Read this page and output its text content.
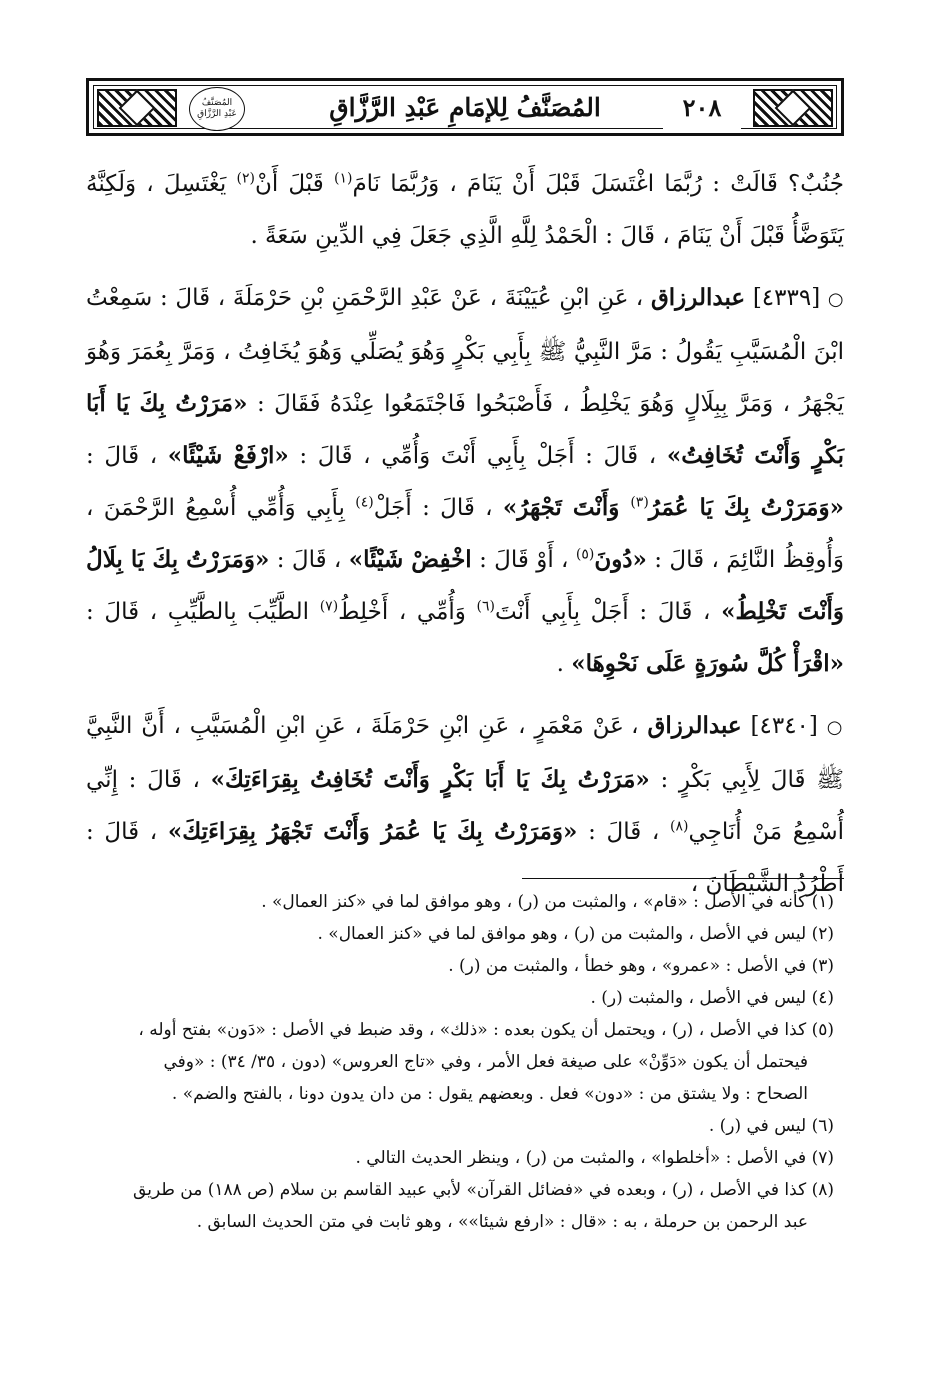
المُصَنَّفُ
عَبْدِ الرَّزَّاقِ	المُصَنَّفُ لِلإمَامِ عَبْدِ الرَّزَّاقِ	٢٠٨

جُنُبٌ؟ قَالَتْ : رُبَّمَا اغْتَسَلَ قَبْلَ أَنْ يَنَامَ ، وَرُبَّمَا نَامَ$^{(١)}$ قَبْلَ أَنْ$^{(٢)}$ يَغْتَسِلَ ، وَلَكِنَّهُ يَتَوَضَّأُ قَبْلَ أَنْ يَنَامَ ، قَالَ : الْحَمْدُ لِلَّهِ الَّذِي جَعَلَ فِي الدِّينِ سَعَةً .

○ [٤٣٣٩] عبدالرزاق ، عَنِ ابْنِ عُيَيْنَةَ ، عَنْ عَبْدِ الرَّحْمَنِ بْنِ حَرْمَلَةَ ، قَالَ : سَمِعْتُ ابْنَ الْمُسَيَّبِ يَقُولُ : مَرَّ النَّبِيُّ ﷺ بِأَبِي بَكْرٍ وَهُوَ يُصَلِّي وَهُوَ يُخَافِتُ ، وَمَرَّ بِعُمَرَ وَهُوَ يَجْهَرُ ، وَمَرَّ بِبِلَالٍ وَهُوَ يَخْلِطُ ، فَأَصْبَحُوا فَاجْتَمَعُوا عِنْدَهُ فَقَالَ : «مَرَرْتُ بِكَ يَا أَبَا بَكْرٍ وَأَنْتَ تُخَافِتُ» ، قَالَ : أَجَلْ بِأَبِي أَنْتَ وَأُمِّي ، قَالَ : «ارْفَعْ شَيْئًا» ، قَالَ : «وَمَرَرْتُ بِكَ يَا عُمَرُ$^{(٣)}$ وَأَنْتَ تَجْهَرُ» ، قَالَ : أَجَلْ$^{(٤)}$ بِأَبِي وَأُمِّي أُسْمِعُ الرَّحْمَنَ ، وَأُوقِظُ النَّائِمَ ، قَالَ : «دُونَ$^{(٥)}$ ، أَوْ قَالَ : اخْفِضْ شَيْئًا» ، قَالَ : «وَمَرَرْتُ بِكَ يَا بِلَالُ وَأَنْتَ تَخْلِطُ» ، قَالَ : أَجَلْ بِأَبِي أَنْتَ$^{(٦)}$ وَأُمِّي ، أَخْلِطُ$^{(٧)}$ الطَّيِّبَ بِالطَّيِّبِ ، قَالَ : «اقْرَأْ كُلَّ سُورَةٍ عَلَى نَحْوِهَا» .

○ [٤٣٤٠] عبدالرزاق ، عَنْ مَعْمَرٍ ، عَنِ ابْنِ حَرْمَلَةَ ، عَنِ ابْنِ الْمُسَيَّبِ ، أَنَّ النَّبِيَّ ﷺ قَالَ لِأَبِي بَكْرٍ : «مَرَرْتُ بِكَ يَا أَبَا بَكْرٍ وَأَنْتَ تُخَافِتُ بِقِرَاءَتِكَ» ، قَالَ : إِنِّي أُسْمِعُ مَنْ أُنَاجِي$^{(٨)}$ ، قَالَ : «وَمَرَرْتُ بِكَ يَا عُمَرُ وَأَنْتَ تَجْهَرُ بِقِرَاءَتِكَ» ، قَالَ : أَطْرُدُ الشَّيْطَانَ ،

(١) كأنه في الأصل : «قام» ، والمثبت من (ر) ، وهو موافق لما في «كنز العمال» .

(٢) ليس في الأصل ، والمثبت من (ر) ، وهو موافق لما في «كنز العمال» .

(٣) في الأصل : «عمرو» ، وهو خطأ ، والمثبت من (ر) .

(٤) ليس في الأصل ، والمثبت (ر) .

(٥) كذا في الأصل ، (ر) ، ويحتمل أن يكون بعده : «ذلك» ، وقد ضبط في الأصل : «دَون» بفتح أوله ،
فيحتمل أن يكون «دَوِّنْ» على صيغة فعل الأمر ، وفي «تاج العروس» (دون ، ٣٥/ ٣٤) : «وفي
الصحاح : ولا يشتق من : «دون» فعل . وبعضهم يقول : من دان يدون دونا ، بالفتح والضم» .

(٦) ليس في (ر) .

(٧) في الأصل : «أخلطوا» ، والمثبت من (ر) ، وينظر الحديث التالي .

(٨) كذا في الأصل ، (ر) ، وبعده في «فضائل القرآن» لأبي عبيد القاسم بن سلام (ص ١٨٨) من طريق
عبد الرحمن بن حرملة ، به : «قال : «ارفع شيئا»» ، وهو ثابت في متن الحديث السابق .
